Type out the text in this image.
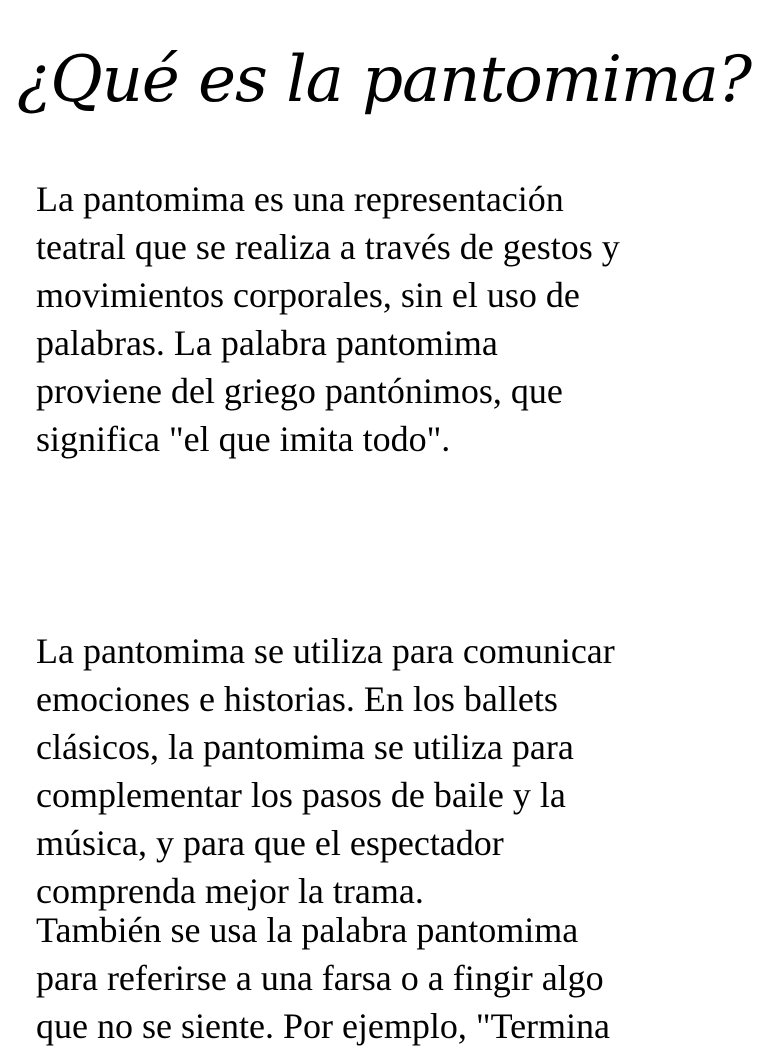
¿Qué es la pantomima?

La pantomima es una representación
teatral que se realiza a través de gestos y
movimientos corporales, sin el uso de
palabras. La palabra pantomima
proviene del griego pantónimos, que
significa "el que imita todo".

La pantomima se utiliza para comunicar
emociones e historias. En los ballets
clásicos, la pantomima se utiliza para
complementar los pasos de baile y la
música, y para que el espectador
comprenda mejor la trama.

También se usa la palabra pantomima
para referirse a una farsa o a fingir algo
que no se siente. Por ejemplo, "Termina
